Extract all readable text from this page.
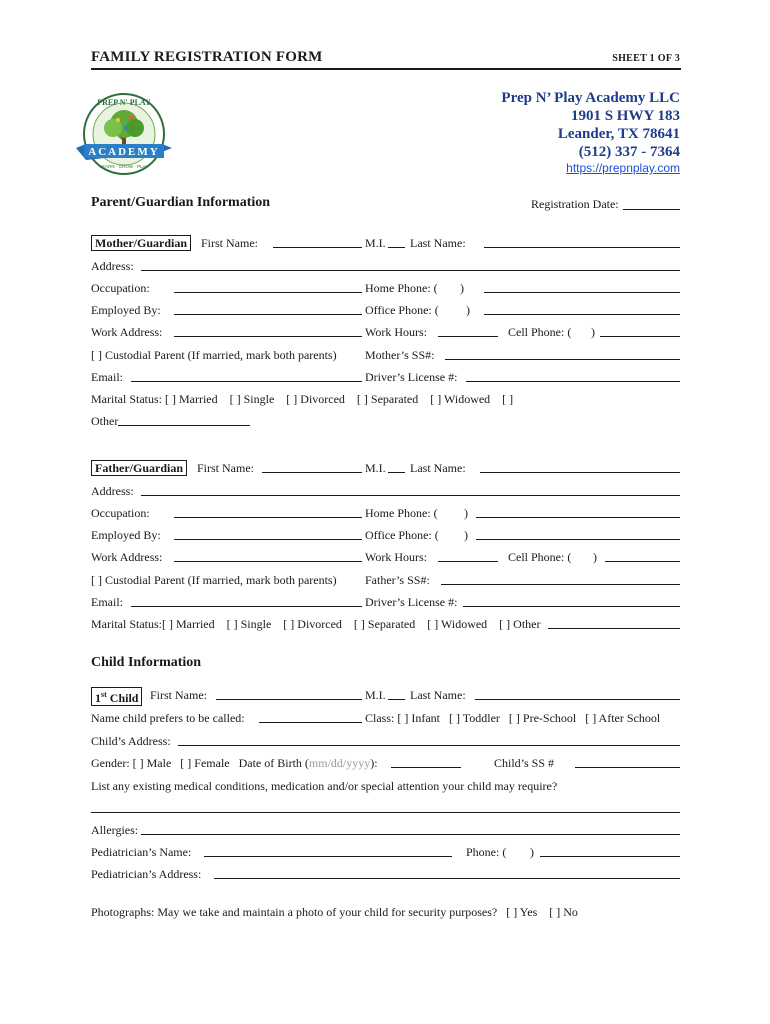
FAMILY REGISTRATION FORM	SHEET 1 OF 3
PREP N' PLAY
ACADEMY
LEARN · GROW · PLAY
Prep N’ Play Academy LLC
1901 S HWY 183
Leander, TX 78641
(512) 337 - 7364
https://prepnplay.com
Parent/Guardian Information	Registration Date:
Mother/Guardian	First Name:	M.I. Last Name:
Address:
Occupation:	Home Phone: ( )
Employed By:	Office Phone: ( )
Work Address:	Work Hours:	Cell Phone: ( )
[ ] Custodial Parent (If married, mark both parents) Mother’s SS#:
Email:	Driver’s License #:
Marital Status: [ ] Married    [ ] Single    [ ] Divorced    [ ] Separated    [ ] Widowed    [ ]
Other
Father/Guardian	First Name:	M.I. Last Name:
Address:
Occupation:	Home Phone: ( )
Employed By:	Office Phone: ( )
Work Address:	Work Hours:	Cell Phone: ( )
[ ] Custodial Parent (If married, mark both parents) Father’s SS#:
Email:	Driver’s License #:
Marital Status:[ ] Married    [ ] Single    [ ] Divorced    [ ] Separated    [ ] Widowed    [ ] Other
Child Information
1st Child First Name:	M.I. Last Name:
Name child prefers to be called:	Class: [ ] Infant   [ ] Toddler   [ ] Pre-School   [ ] After School
Child’s Address:
Gender: [ ] Male   [ ] Female   Date of Birth (mm/dd/yyyy):	Child’s SS #
List any existing medical conditions, medication and/or special attention your child may require?
Allergies:
Pediatrician’s Name:	Phone: ( )
Pediatrician’s Address:
Photographs: May we take and maintain a photo of your child for security purposes?   [ ] Yes    [ ] No
